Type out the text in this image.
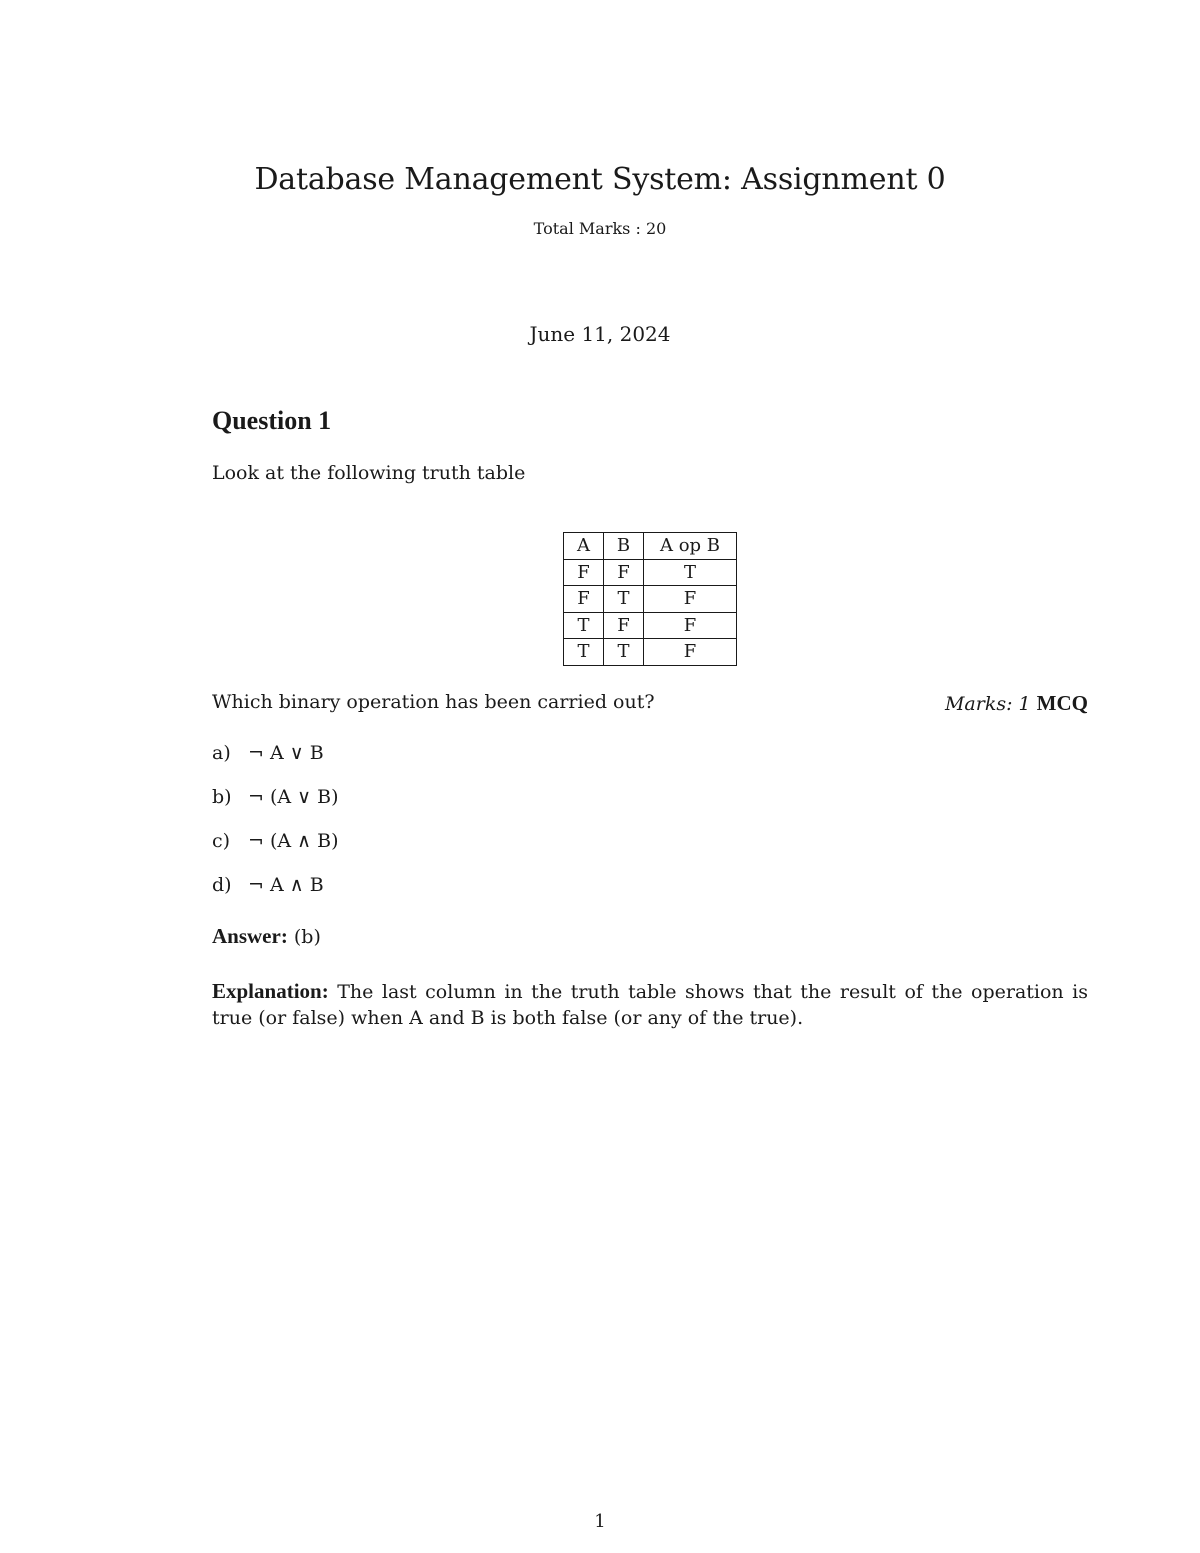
Database Management System: Assignment 0
Total Marks : 20
June 11, 2024
Question 1
Look at the following truth table
A	B	A op B
F	F	T
F	T	F
T	F	F
T	T	F
Which binary operation has been carried out?	Marks: 1 MCQ
a) ¬ A ∨ B
b) ¬ (A ∨ B)
c) ¬ (A ∧ B)
d) ¬ A ∧ B
Answer: (b)
Explanation: The last column in the truth table shows that the result of the operation is true (or false) when A and B is both false (or any of the true).
1
